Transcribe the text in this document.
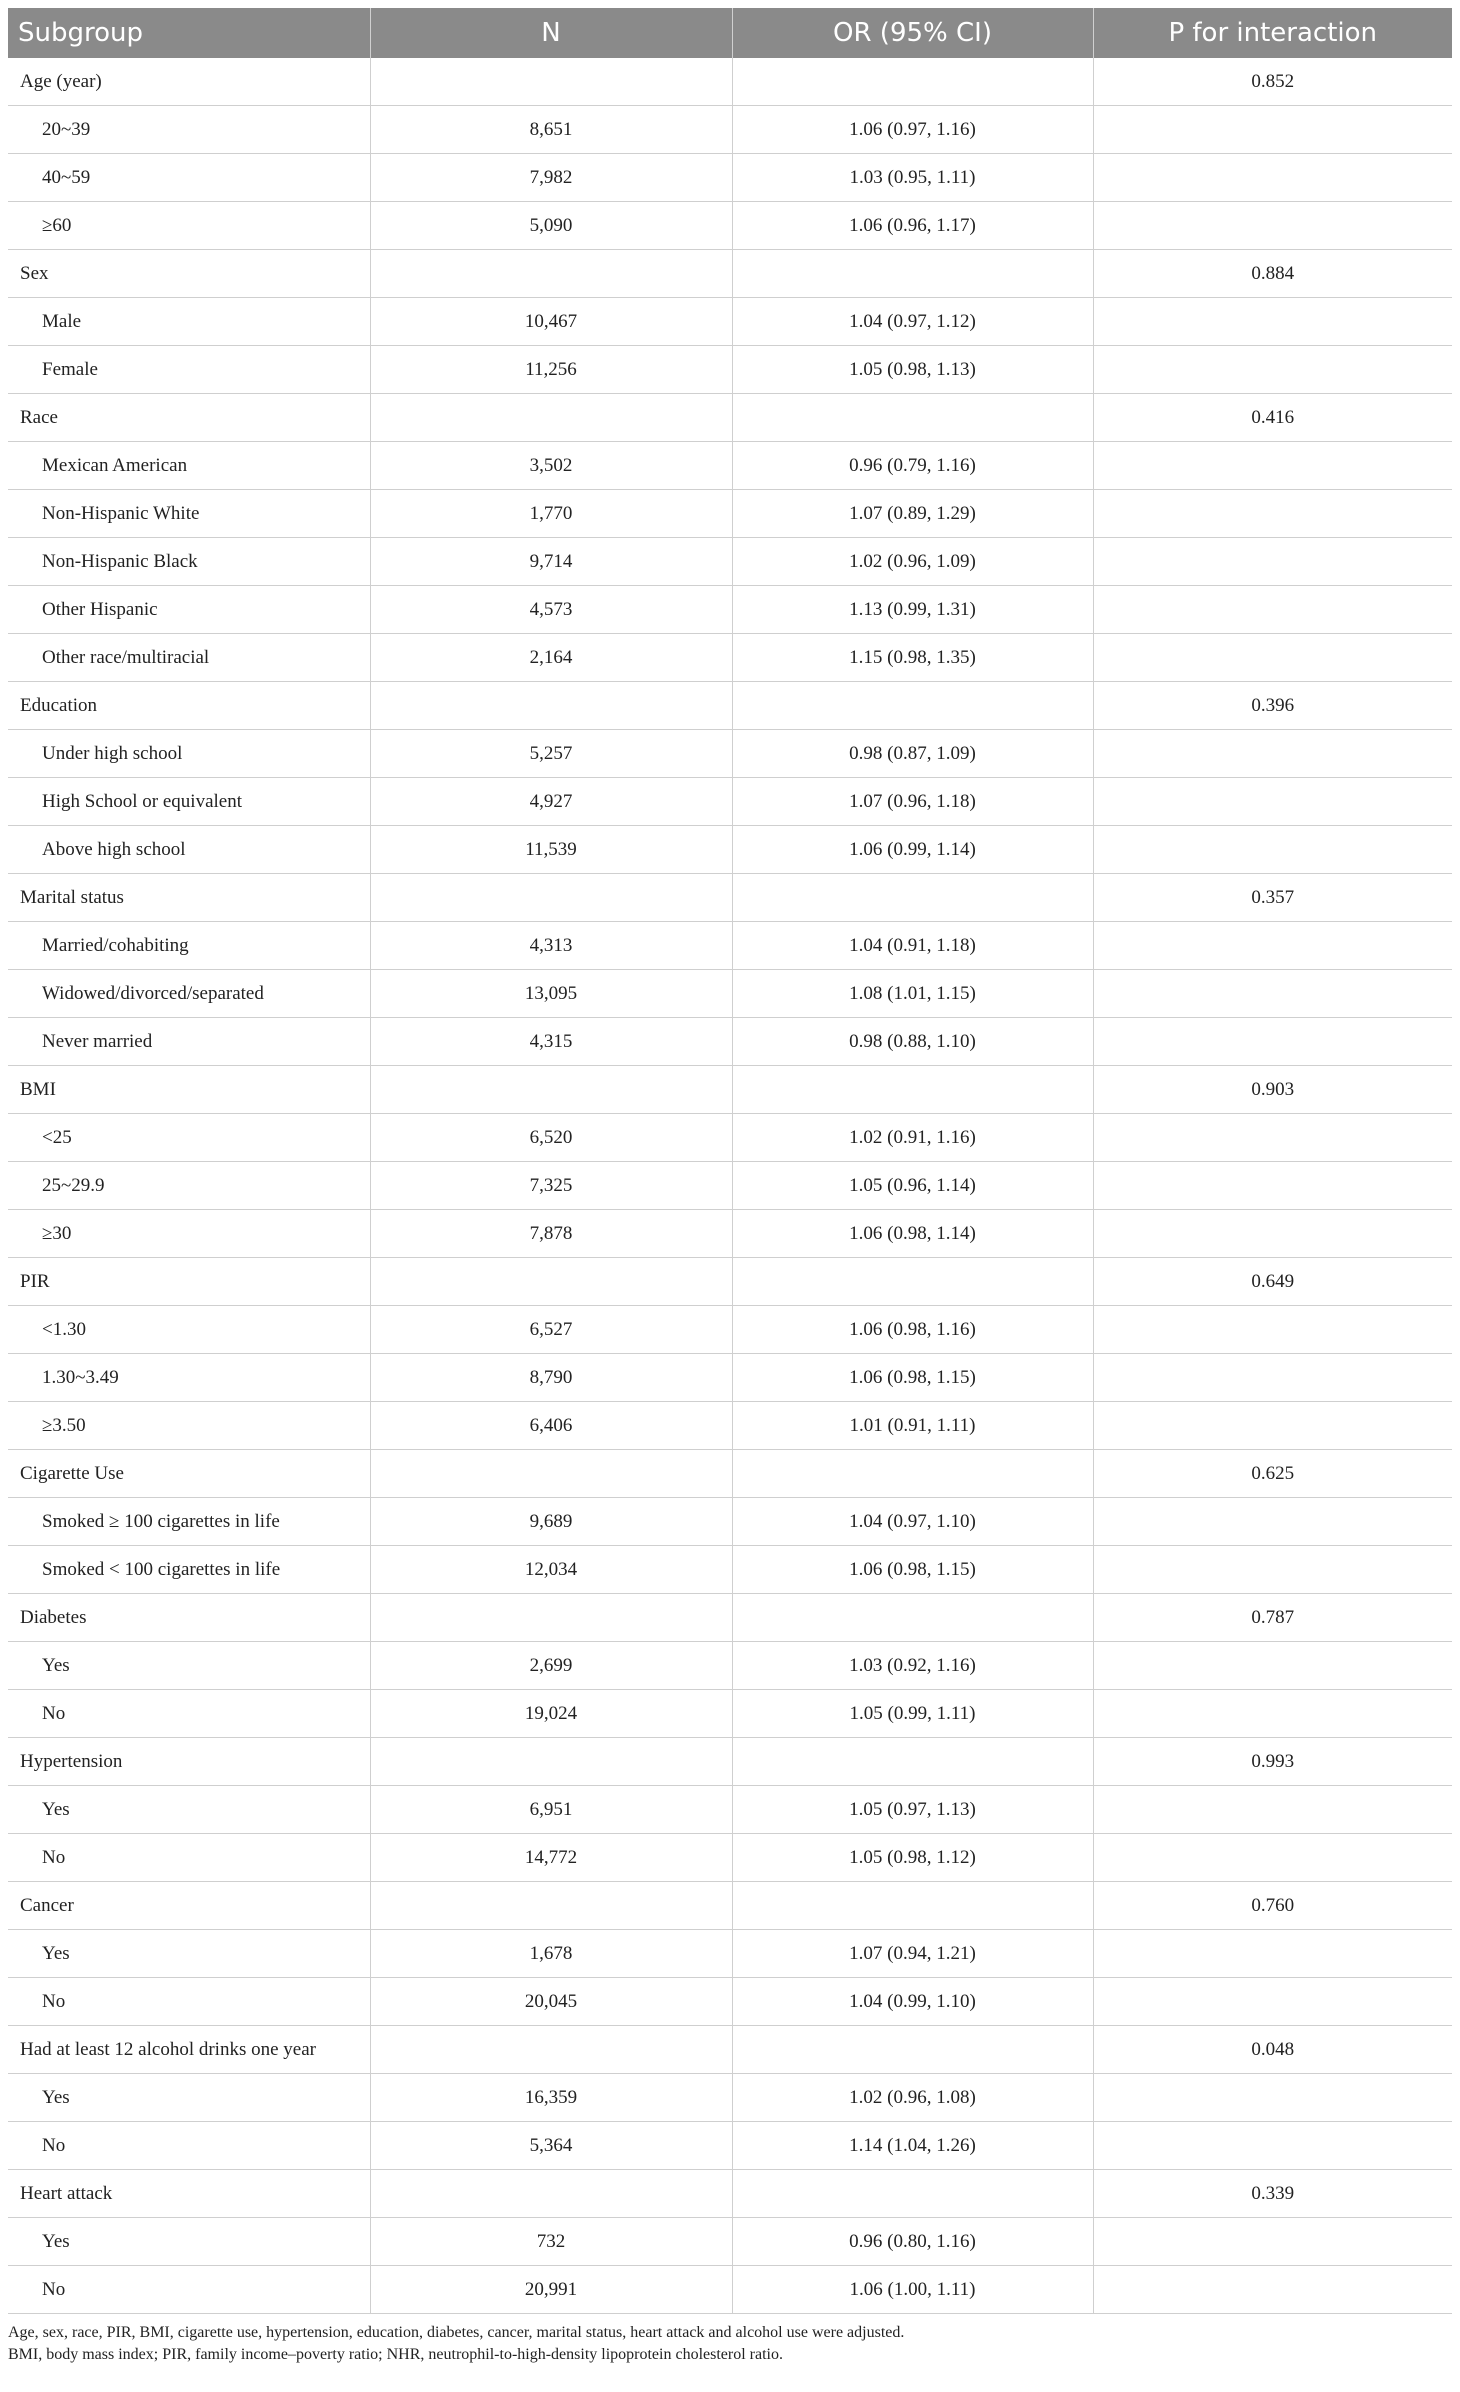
Subgroup	N	OR (95% CI)	P for interaction
Age (year)			0.852
20~39	8,651	1.06 (0.97, 1.16)	
40~59	7,982	1.03 (0.95, 1.11)	
≥60	5,090	1.06 (0.96, 1.17)	
Sex			0.884
Male	10,467	1.04 (0.97, 1.12)	
Female	11,256	1.05 (0.98, 1.13)	
Race			0.416
Mexican American	3,502	0.96 (0.79, 1.16)	
Non-Hispanic White	1,770	1.07 (0.89, 1.29)	
Non-Hispanic Black	9,714	1.02 (0.96, 1.09)	
Other Hispanic	4,573	1.13 (0.99, 1.31)	
Other race/multiracial	2,164	1.15 (0.98, 1.35)	
Education			0.396
Under high school	5,257	0.98 (0.87, 1.09)	
High School or equivalent	4,927	1.07 (0.96, 1.18)	
Above high school	11,539	1.06 (0.99, 1.14)	
Marital status			0.357
Married/cohabiting	4,313	1.04 (0.91, 1.18)	
Widowed/divorced/separated	13,095	1.08 (1.01, 1.15)	
Never married	4,315	0.98 (0.88, 1.10)	
BMI			0.903
<25	6,520	1.02 (0.91, 1.16)	
25~29.9	7,325	1.05 (0.96, 1.14)	
≥30	7,878	1.06 (0.98, 1.14)	
PIR			0.649
<1.30	6,527	1.06 (0.98, 1.16)	
1.30~3.49	8,790	1.06 (0.98, 1.15)	
≥3.50	6,406	1.01 (0.91, 1.11)	
Cigarette Use			0.625
Smoked ≥ 100 cigarettes in life	9,689	1.04 (0.97, 1.10)	
Smoked < 100 cigarettes in life	12,034	1.06 (0.98, 1.15)	
Diabetes			0.787
Yes	2,699	1.03 (0.92, 1.16)	
No	19,024	1.05 (0.99, 1.11)	
Hypertension			0.993
Yes	6,951	1.05 (0.97, 1.13)	
No	14,772	1.05 (0.98, 1.12)	
Cancer			0.760
Yes	1,678	1.07 (0.94, 1.21)	
No	20,045	1.04 (0.99, 1.10)	
Had at least 12 alcohol drinks one year			0.048
Yes	16,359	1.02 (0.96, 1.08)	
No	5,364	1.14 (1.04, 1.26)	
Heart attack			0.339
Yes	732	0.96 (0.80, 1.16)	
No	20,991	1.06 (1.00, 1.11)	

Age, sex, race, PIR, BMI, cigarette use, hypertension, education, diabetes, cancer, marital status, heart attack and alcohol use were adjusted.

BMI, body mass index; PIR, family income–poverty ratio; NHR, neutrophil-to-high-density lipoprotein cholesterol ratio.
